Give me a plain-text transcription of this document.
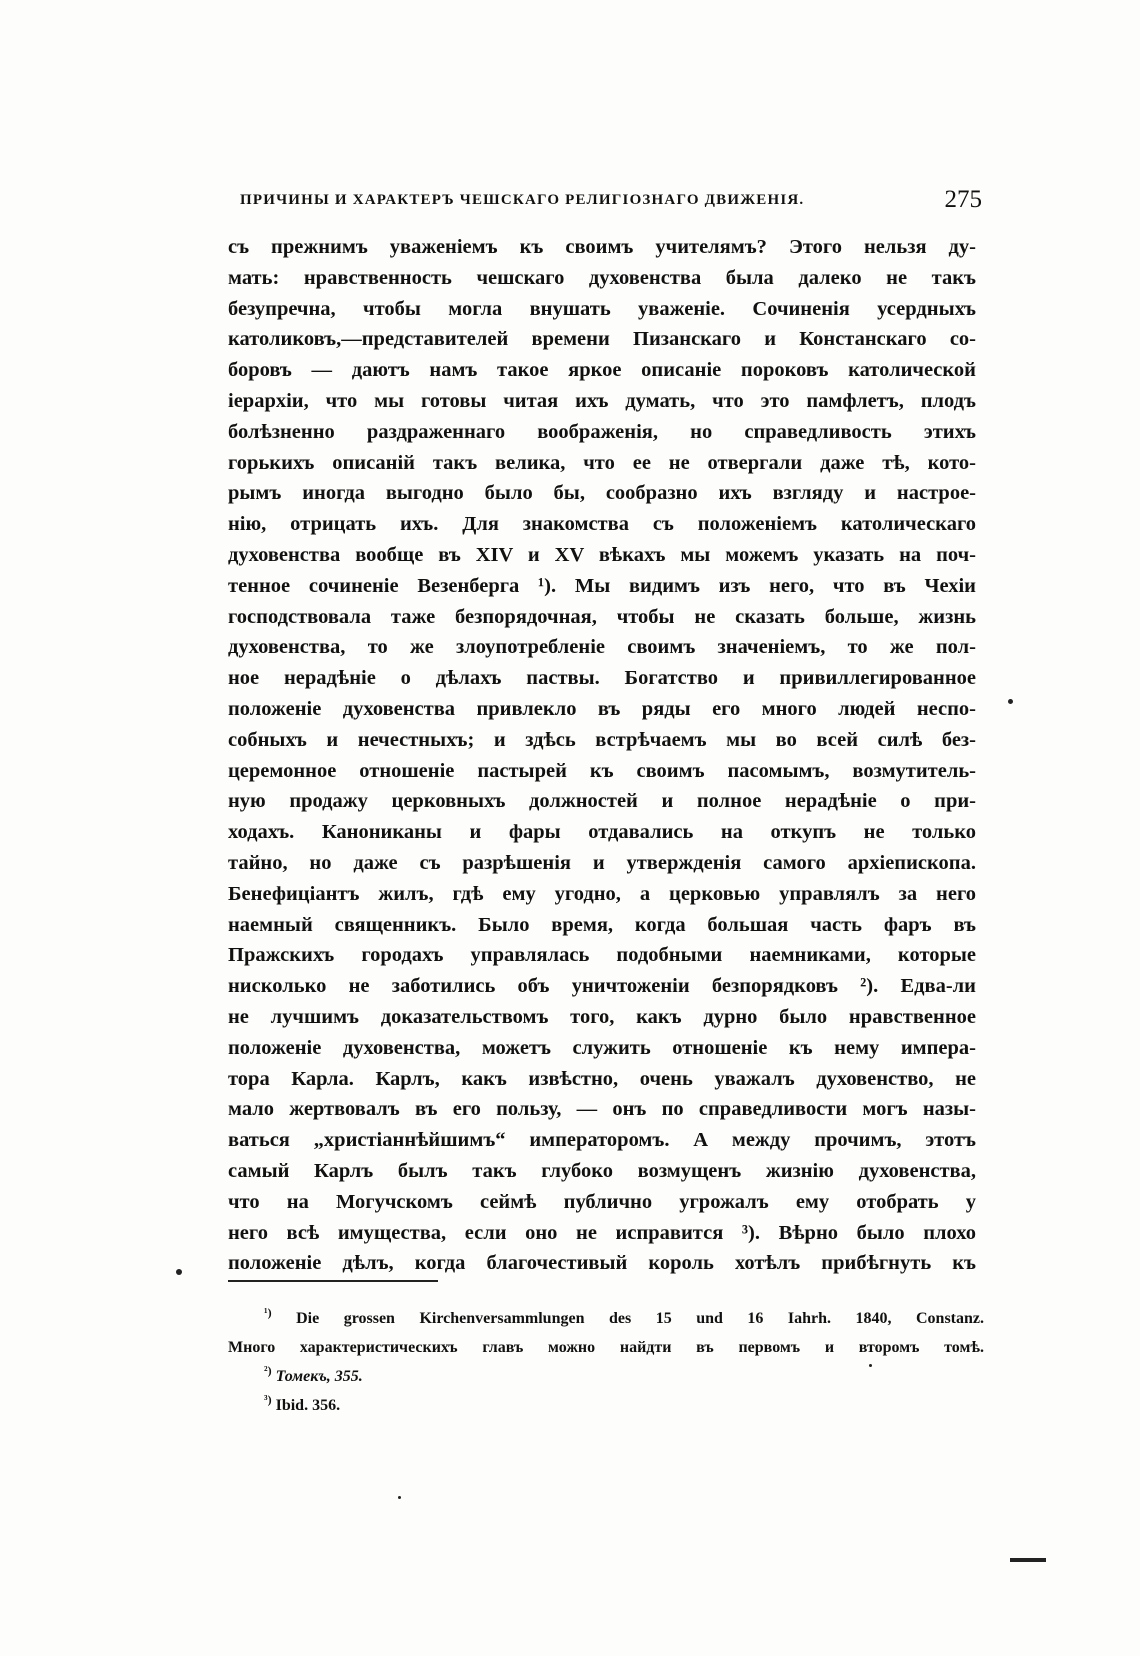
ПРИЧИНЫ И ХАРАКТЕРЪ ЧЕШСКАГО РЕЛИГІОЗНАГО ДВИЖЕНІЯ.	275
съ прежнимъ уваженіемъ къ своимъ учителямъ? Этого нельзя ду-
мать: нравственность чешскаго духовенства была далеко не такъ
безупречна, чтобы могла внушать уваженіе. Сочиненія усердныхъ
католиковъ,—представителей времени Пизанскаго и Констанскаго со-
боровъ — даютъ намъ такое яркое описаніе пороковъ католической
іерархіи, что мы готовы читая ихъ думать, что это памфлетъ, плодъ
болѣзненно раздраженнаго воображенія, но справедливость этихъ
горькихъ описаній такъ велика, что ее не отвергали даже тѣ, кото-
рымъ иногда выгодно было бы, сообразно ихъ взгляду и настрое-
нію, отрицать ихъ. Для знакомства съ положеніемъ католическаго
духовенства вообще въ XIV и XV вѣкахъ мы можемъ указать на поч-
тенное сочиненіе Везенберга ¹). Мы видимъ изъ него, что въ Чехіи
господствовала таже безпорядочная, чтобы не сказать больше, жизнь
духовенства, то же злоупотребленіе своимъ значеніемъ, то же пол-
ное нерадѣніе о дѣлахъ паствы. Богатство и привиллегированное
положеніе духовенства привлекло въ ряды его много людей неспо-
собныхъ и нечестныхъ; и здѣсь встрѣчаемъ мы во всей силѣ без-
церемонное отношеніе пастырей къ своимъ пасомымъ, возмутитель-
ную продажу церковныхъ должностей и полное нерадѣніе о при-
ходахъ. Канониканы и фары отдавались на откупъ не только
тайно, но даже съ разрѣшенія и утвержденія самого архіепископа.
Бенефиціантъ жилъ, гдѣ ему угодно, а церковью управлялъ за него
наемный священникъ. Было время, когда большая часть фаръ въ
Пражскихъ городахъ управлялась подобными наемниками, которые
нисколько не заботились объ уничтоженіи безпорядковъ ²). Едва-ли
не лучшимъ доказательствомъ того, какъ дурно было нравственное
положеніе духовенства, можетъ служить отношеніе къ нему импера-
тора Карла. Карлъ, какъ извѣстно, очень уважалъ духовенство, не
мало жертвовалъ въ его пользу, — онъ по справедливости могъ назы-
ваться „христіаннѣйшимъ“ императоромъ. А между прочимъ, этотъ
самый Карлъ былъ такъ глубоко возмущенъ жизнію духовенства,
что на Могучскомъ сеймѣ публично угрожалъ ему отобрать у
него всѣ имущества, если оно не исправится ³). Вѣрно было плохо
положеніе дѣлъ, когда благочестивый король хотѣлъ прибѣгнуть къ
$^{^1)}$ Die grossen Kirchenversammlungen des 15 und 16 Iahrh. 1840, Constanz.
Много характеристическихъ главъ можно найдти въ первомъ и второмъ томѣ.
$^{^2)}$ Томекъ, 355.
$^{^3)}$ Ibid. 356.
